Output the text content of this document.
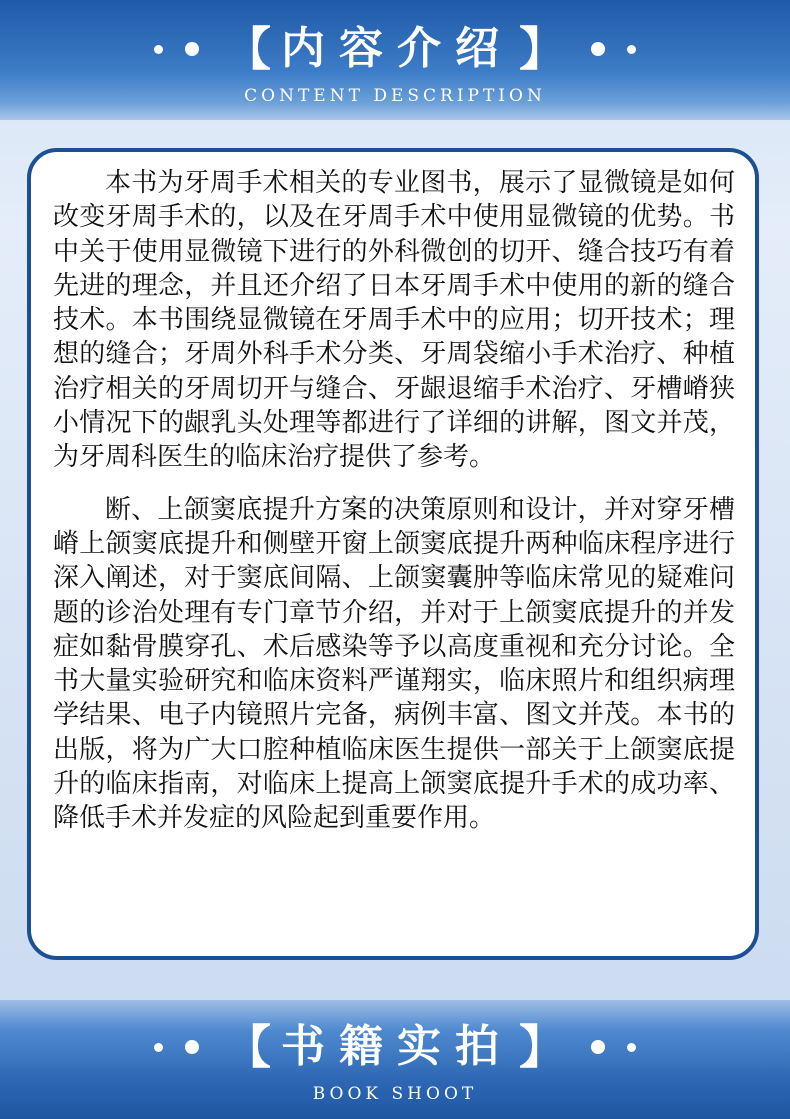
【 内容介绍 】
CONTENT DESCRIPTION

本书为牙周手术相关的专业图书，展示了显微镜是如何改变牙周手术的，以及在牙周手术中使用显微镜的优势。书中关于使用显微镜下进行的外科微创的切开、缝合技巧有着先进的理念，并且还介绍了日本牙周手术中使用的新的缝合技术。本书围绕显微镜在牙周手术中的应用；切开技术；理想的缝合；牙周外科手术分类、牙周袋缩小手术治疗、种植治疗相关的牙周切开与缝合、牙龈退缩手术治疗、牙槽嵴狭小情况下的龈乳头处理等都进行了详细的讲解，图文并茂，为牙周科医生的临床治疗提供了参考。

断、上颌窦底提升方案的决策原则和设计，并对穿牙槽嵴上颌窦底提升和侧壁开窗上颌窦底提升两种临床程序进行深入阐述，对于窦底间隔、上颌窦囊肿等临床常见的疑难问题的诊治处理有专门章节介绍，并对于上颌窦底提升的并发症如黏骨膜穿孔、术后感染等予以高度重视和充分讨论。全书大量实验研究和临床资料严谨翔实，临床照片和组织病理学结果、电子内镜照片完备，病例丰富、图文并茂。本书的出版，将为广大口腔种植临床医生提供一部关于上颌窦底提升的临床指南，对临床上提高上颌窦底提升手术的成功率、降低手术并发症的风险起到重要作用。

【 书籍实拍 】
BOOK SHOOT
